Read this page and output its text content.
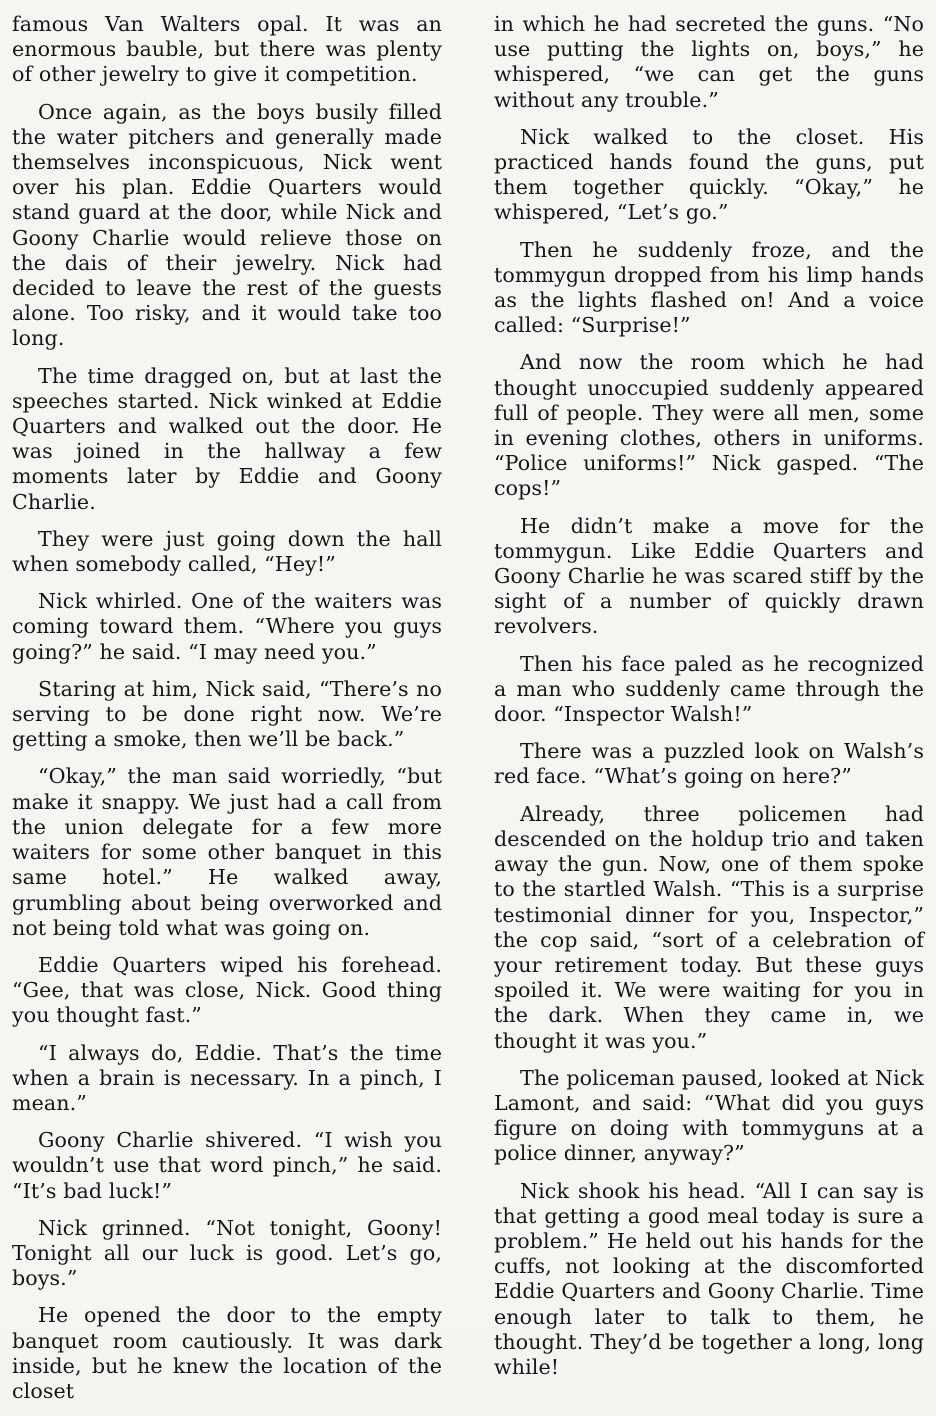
famous Van Walters opal. It was an enormous bauble, but there was plenty of other jewelry to give it competition.

Once again, as the boys busily filled the water pitchers and generally made themselves inconspicuous, Nick went over his plan. Eddie Quarters would stand guard at the door, while Nick and Goony Charlie would relieve those on the dais of their jewelry. Nick had decided to leave the rest of the guests alone. Too risky, and it would take too long.

The time dragged on, but at last the speeches started. Nick winked at Eddie Quarters and walked out the door. He was joined in the hallway a few moments later by Eddie and Goony Charlie.

They were just going down the hall when somebody called, “Hey!”

Nick whirled. One of the waiters was coming toward them. “Where you guys going?” he said. “I may need you.”

Staring at him, Nick said, “There’s no serving to be done right now. We’re getting a smoke, then we’ll be back.”

“Okay,” the man said worriedly, “but make it snappy. We just had a call from the union delegate for a few more waiters for some other banquet in this same hotel.” He walked away, grumbling about being overworked and not being told what was going on.

Eddie Quarters wiped his forehead. “Gee, that was close, Nick. Good thing you thought fast.”

“I always do, Eddie. That’s the time when a brain is necessary. In a pinch, I mean.”

Goony Charlie shivered. “I wish you wouldn’t use that word pinch,” he said. “It’s bad luck!”

Nick grinned. “Not tonight, Goony! Tonight all our luck is good. Let’s go, boys.”

He opened the door to the empty banquet room cautiously. It was dark inside, but he knew the location of the closet

in which he had secreted the guns. “No use putting the lights on, boys,” he whispered, “we can get the guns without any trouble.”

Nick walked to the closet. His practiced hands found the guns, put them together quickly. “Okay,” he whispered, “Let’s go.”

Then he suddenly froze, and the tommygun dropped from his limp hands as the lights flashed on! And a voice called: “Surprise!”

And now the room which he had thought unoccupied suddenly appeared full of people. They were all men, some in evening clothes, others in uniforms. “Police uniforms!” Nick gasped. “The cops!”

He didn’t make a move for the tommygun. Like Eddie Quarters and Goony Charlie he was scared stiff by the sight of a number of quickly drawn revolvers.

Then his face paled as he recognized a man who suddenly came through the door. “Inspector Walsh!”

There was a puzzled look on Walsh’s red face. “What’s going on here?”

Already, three policemen had descended on the holdup trio and taken away the gun. Now, one of them spoke to the startled Walsh. “This is a surprise testimonial dinner for you, Inspector,” the cop said, “sort of a celebration of your retirement today. But these guys spoiled it. We were waiting for you in the dark. When they came in, we thought it was you.”

The policeman paused, looked at Nick Lamont, and said: “What did you guys figure on doing with tommyguns at a police dinner, anyway?”

Nick shook his head. “All I can say is that getting a good meal today is sure a problem.” He held out his hands for the cuffs, not looking at the discomforted Eddie Quarters and Goony Charlie. Time enough later to talk to them, he thought. They’d be together a long, long while!
